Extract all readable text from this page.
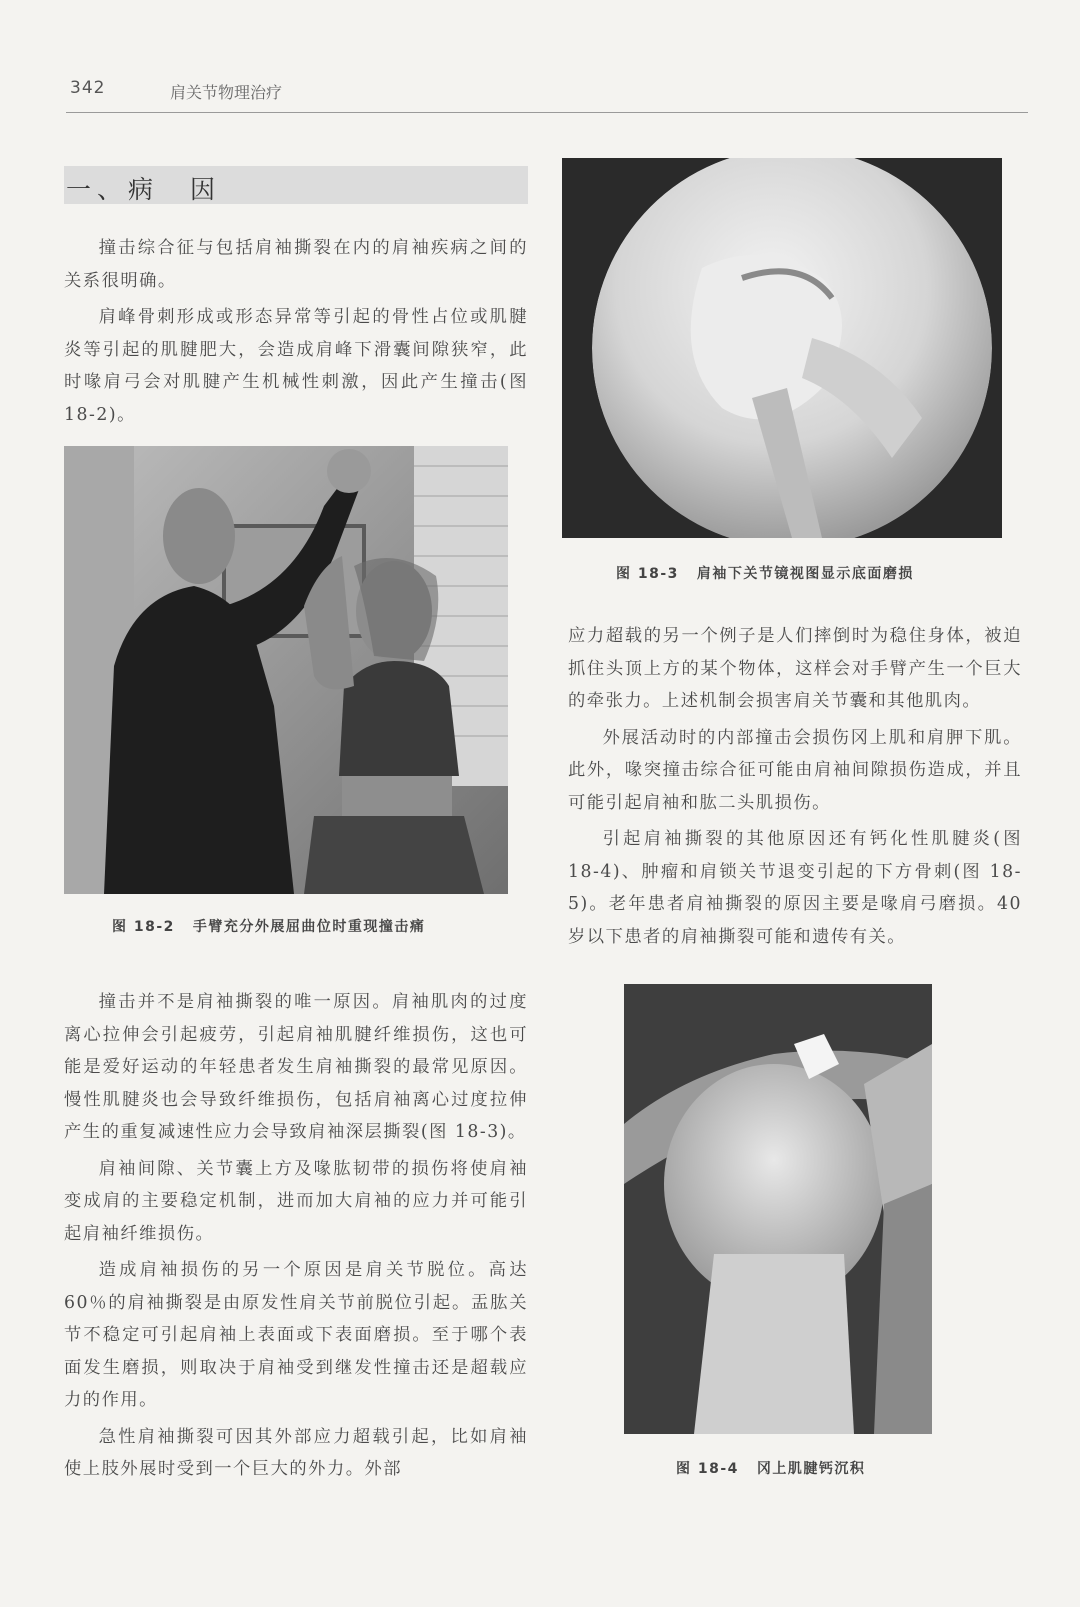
342	肩关节物理治疗
一、病　因

撞击综合征与包括肩袖撕裂在内的肩袖疾病之间的关系很明确。

肩峰骨刺形成或形态异常等引起的骨性占位或肌腱炎等引起的肌腱肥大，会造成肩峰下滑囊间隙狭窄，此时喙肩弓会对肌腱产生机械性刺激，因此产生撞击(图 18-2)。

图 18-2 手臂充分外展屈曲位时重现撞击痛

撞击并不是肩袖撕裂的唯一原因。肩袖肌肉的过度离心拉伸会引起疲劳，引起肩袖肌腱纤维损伤，这也可能是爱好运动的年轻患者发生肩袖撕裂的最常见原因。慢性肌腱炎也会导致纤维损伤，包括肩袖离心过度拉伸产生的重复减速性应力会导致肩袖深层撕裂(图 18-3)。

肩袖间隙、关节囊上方及喙肱韧带的损伤将使肩袖变成肩的主要稳定机制，进而加大肩袖的应力并可能引起肩袖纤维损伤。

造成肩袖损伤的另一个原因是肩关节脱位。高达 60％的肩袖撕裂是由原发性肩关节前脱位引起。盂肱关节不稳定可引起肩袖上表面或下表面磨损。至于哪个表面发生磨损，则取决于肩袖受到继发性撞击还是超载应力的作用。

急性肩袖撕裂可因其外部应力超载引起，比如肩袖使上肢外展时受到一个巨大的外力。外部

图 18-3 肩袖下关节镜视图显示底面磨损

应力超载的另一个例子是人们摔倒时为稳住身体，被迫抓住头顶上方的某个物体，这样会对手臂产生一个巨大的牵张力。上述机制会损害肩关节囊和其他肌肉。

外展活动时的内部撞击会损伤冈上肌和肩胛下肌。此外，喙突撞击综合征可能由肩袖间隙损伤造成，并且可能引起肩袖和肱二头肌损伤。

引起肩袖撕裂的其他原因还有钙化性肌腱炎(图 18-4)、肿瘤和肩锁关节退变引起的下方骨刺(图 18-5)。老年患者肩袖撕裂的原因主要是喙肩弓磨损。40 岁以下患者的肩袖撕裂可能和遗传有关。

图 18-4 冈上肌腱钙沉积
